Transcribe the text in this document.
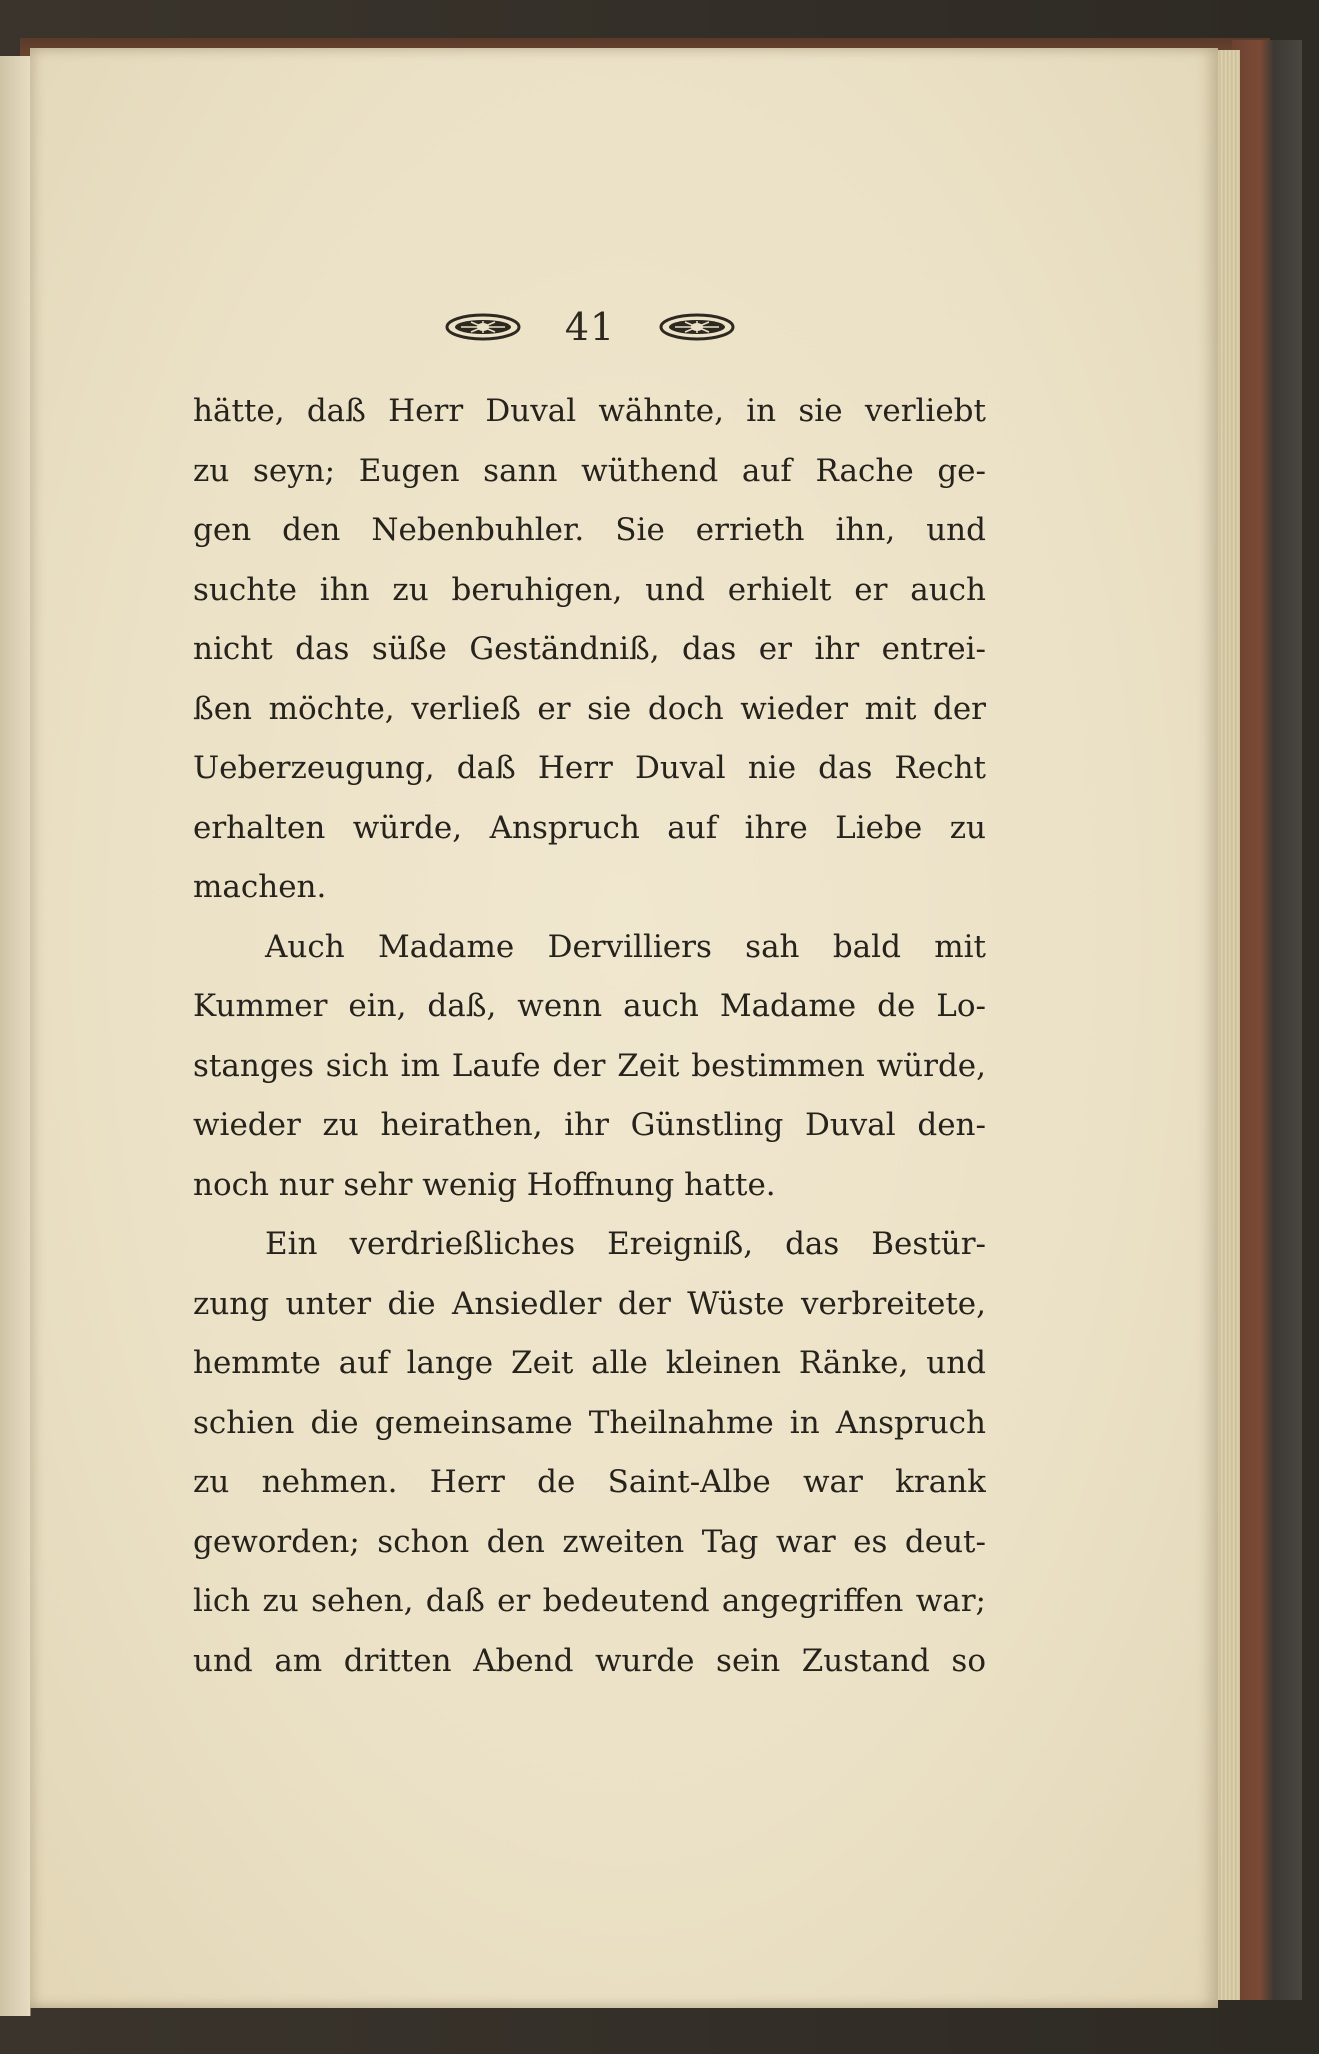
41
hätte, daß Herr Duval wähnte, in sie verliebt
zu seyn; Eugen sann wüthend auf Rache ge-
gen den Nebenbuhler. Sie errieth ihn, und
suchte ihn zu beruhigen, und erhielt er auch
nicht das süße Geständniß, das er ihr entrei-
ßen möchte, verließ er sie doch wieder mit der
Ueberzeugung, daß Herr Duval nie das Recht
erhalten würde, Anspruch auf ihre Liebe zu
machen.
Auch Madame Dervilliers sah bald mit
Kummer ein, daß, wenn auch Madame de Lo-
stanges sich im Laufe der Zeit bestimmen würde,
wieder zu heirathen, ihr Günstling Duval den-
noch nur sehr wenig Hoffnung hatte.
Ein verdrießliches Ereigniß, das Bestür-
zung unter die Ansiedler der Wüste verbreitete,
hemmte auf lange Zeit alle kleinen Ränke, und
schien die gemeinsame Theilnahme in Anspruch
zu nehmen. Herr de Saint-Albe war krank
geworden; schon den zweiten Tag war es deut-
lich zu sehen, daß er bedeutend angegriffen war;
und am dritten Abend wurde sein Zustand so
